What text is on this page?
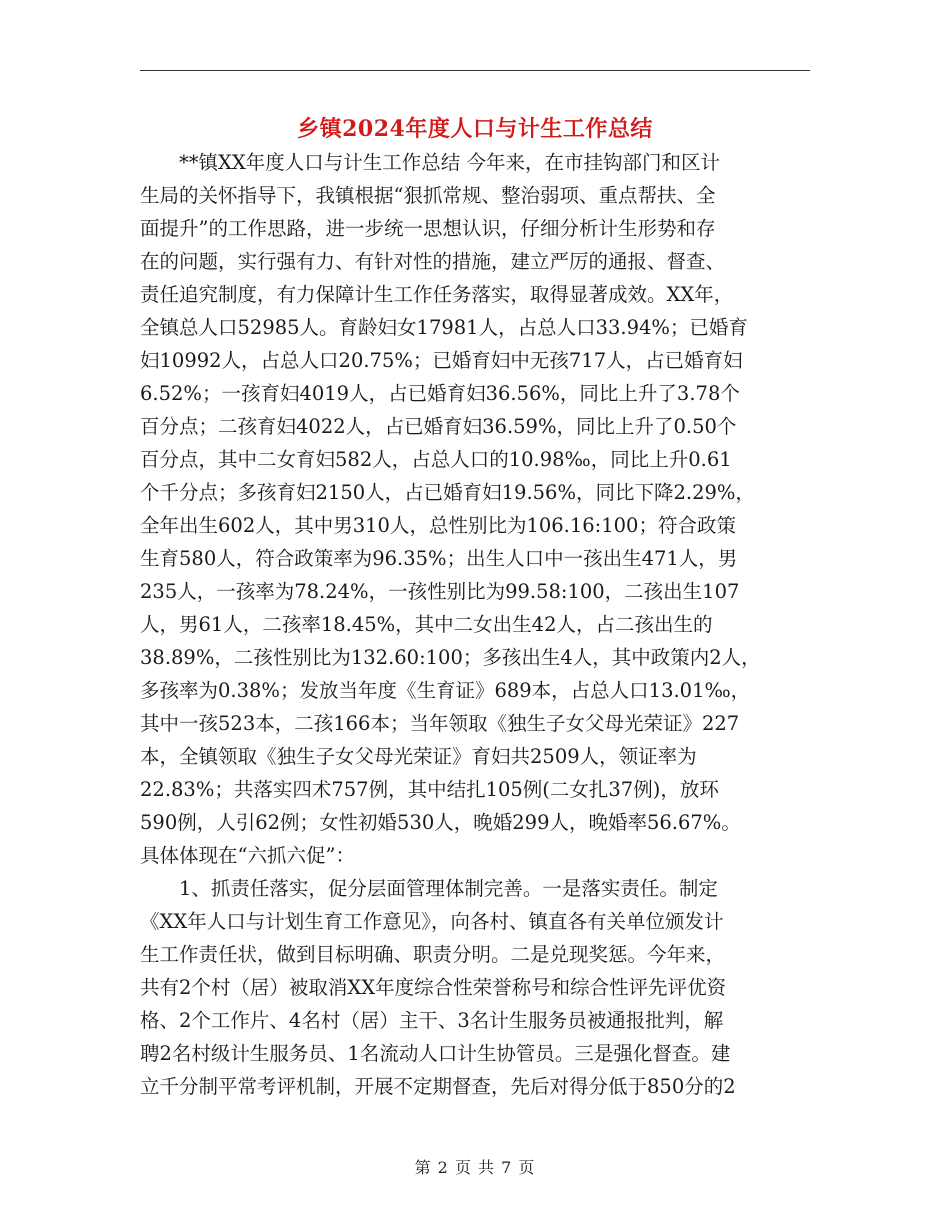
乡镇2024年度人口与计生工作总结
　　**镇XX年度人口与计生工作总结 今年来，在市挂钩部门和区计
生局的关怀指导下，我镇根据“狠抓常规、整治弱项、重点帮扶、全
面提升”的工作思路，进一步统一思想认识，仔细分析计生形势和存
在的问题，实行强有力、有针对性的措施，建立严厉的通报、督查、
责任追究制度，有力保障计生工作任务落实，取得显著成效。XX年，
全镇总人口52985人。育龄妇女17981人，占总人口33.94%；已婚育
妇10992人，占总人口20.75%；已婚育妇中无孩717人，占已婚育妇
6.52%；一孩育妇4019人，占已婚育妇36.56%，同比上升了3.78个
百分点；二孩育妇4022人，占已婚育妇36.59%，同比上升了0.50个
百分点，其中二女育妇582人，占总人口的10.98‰，同比上升0.61
个千分点；多孩育妇2150人，占已婚育妇19.56%，同比下降2.29%，
全年出生602人，其中男310人，总性别比为106.16:100；符合政策
生育580人，符合政策率为96.35%；出生人口中一孩出生471人，男
235人，一孩率为78.24%，一孩性别比为99.58:100，二孩出生107
人，男61人，二孩率18.45%，其中二女出生42人，占二孩出生的
38.89%，二孩性别比为132.60:100；多孩出生4人，其中政策内2人，
多孩率为0.38%；发放当年度《生育证》689本，占总人口13.01‰，
其中一孩523本，二孩166本；当年领取《独生子女父母光荣证》227
本，全镇领取《独生子女父母光荣证》育妇共2509人，领证率为
22.83%；共落实四术757例，其中结扎105例(二女扎37例)，放环
590例，人引62例；女性初婚530人，晚婚299人，晚婚率56.67%。
具体体现在“六抓六促”：
　　1、抓责任落实，促分层面管理体制完善。一是落实责任。制定
《XX年人口与计划生育工作意见》，向各村、镇直各有关单位颁发计
生工作责任状，做到目标明确、职责分明。二是兑现奖惩。今年来，
共有2个村（居）被取消XX年度综合性荣誉称号和综合性评先评优资
格、2个工作片、4名村（居）主干、3名计生服务员被通报批判，解
聘2名村级计生服务员、1名流动人口计生协管员。三是强化督查。建
立千分制平常考评机制，开展不定期督查，先后对得分低于850分的2
第 2 页 共 7 页
